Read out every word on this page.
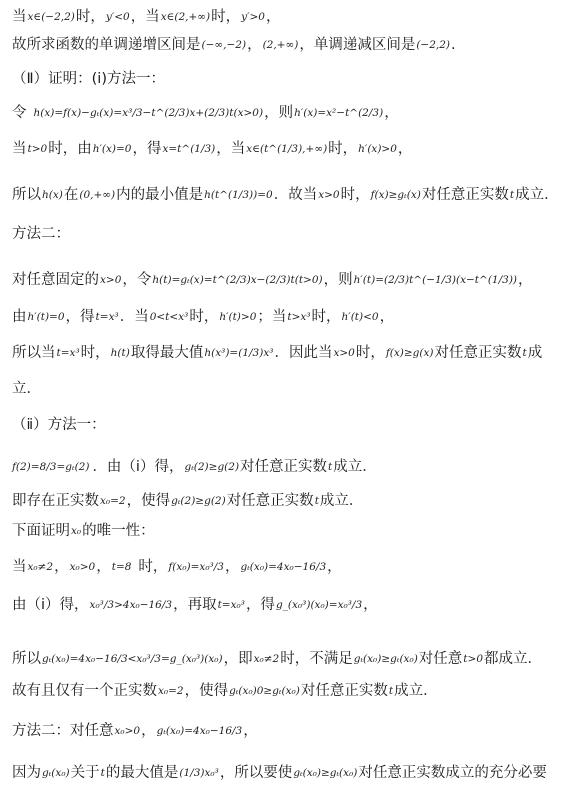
当 x∈(−2,2) 时， y′<0 ，当 x∈(2,+∞) 时， y′>0 ，
故所求函数的单调递增区间是 (−∞,−2) ， (2,+∞) ，单调递减区间是 (−2,2) .
（Ⅱ）证明：(ⅰ)方法一：
令 h(x)=f(x)−gₜ(x)=x³/3−t^(2/3)x+(2/3)t(x>0) ，则 h′(x)=x²−t^(2/3) ，
当 t>0 时，由 h′(x)=0 ，得 x=t^(1/3) ，当 x∈(t^(1/3),+∞) 时， h′(x)>0 ，
所以 h(x) 在 (0,+∞) 内的最小值是 h(t^(1/3))=0 ．故当 x>0 时， f(x)≥gₜ(x) 对任意正实数 t 成立．
方法二：
对任意固定的 x>0 ，令 h(t)=gₜ(x)=t^(2/3)x−(2/3)t(t>0) ，则 h′(t)=(2/3)t^(−1/3)(x−t^(1/3)) ，
由 h′(t)=0 ，得 t=x³ ．当 0<t<x³ 时， h′(t)>0 ；当 t>x³ 时， h′(t)<0 ，
所以当 t=x³ 时， h(t) 取得最大值 h(x³)=(1/3)x³ ．因此当 x>0 时， f(x)≥g(x) 对任意正实数 t 成
立．
（ⅱ）方法一：
f(2)=8/3=gₜ(2) ．由（ⅰ）得， gₜ(2)≥g(2) 对任意正实数 t 成立．
即存在正实数 x₀=2 ，使得 gₜ(2)≥g(2) 对任意正实数 t 成立．
下面证明 x₀ 的唯一性：
当 x₀≠2 ， x₀>0 ， t=8 时， f(x₀)=x₀³/3 ， gₜ(x₀)=4x₀−16/3 ，
由（ⅰ）得， x₀³/3>4x₀−16/3 ，再取 t=x₀³ ，得 g_(x₀³)(x₀)=x₀³/3 ，
所以 gₜ(x₀)=4x₀−16/3<x₀³/3=g_(x₀³)(x₀) ，即 x₀≠2 时，不满足 gₜ(x₀)≥gₜ(x₀) 对任意 t>0 都成立．
故有且仅有一个正实数 x₀=2 ，使得 gₜ(x₀)0≥gₜ(x₀) 对任意正实数 t 成立．
方法二：对任意 x₀>0 ， gₜ(x₀)=4x₀−16/3 ，
因为 gₜ(x₀) 关于 t 的最大值是 (1/3)x₀³ ，所以要使 gₜ(x₀)≥gₜ(x₀) 对任意正实数成立的充分必要
